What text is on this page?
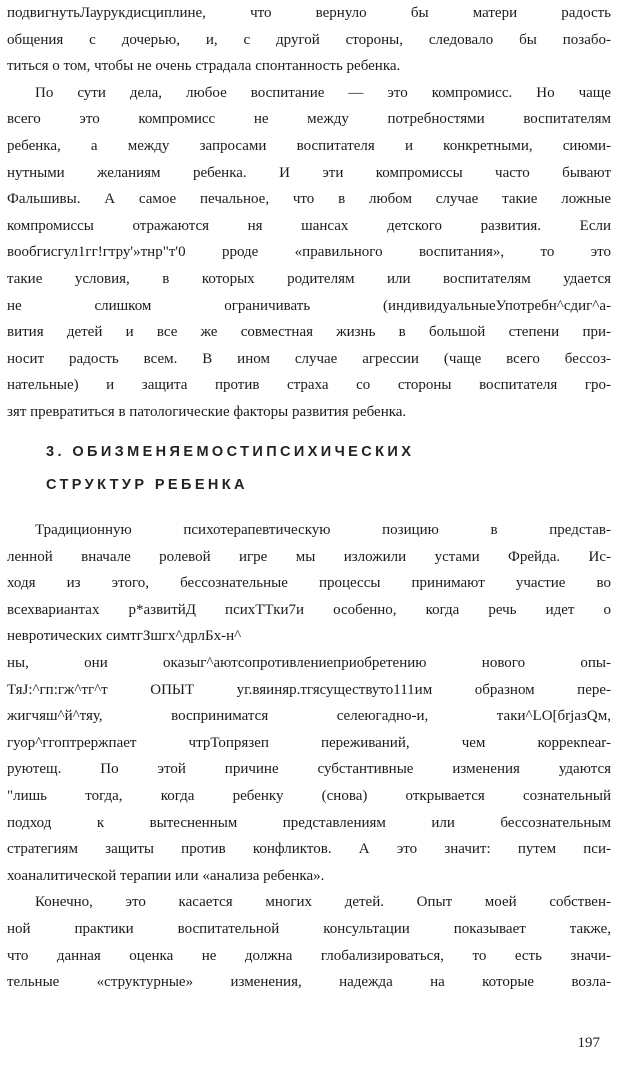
подвигнутьЛаурукдисциплине, что вернуло бы матери радость
общения с дочерью, и, с другой стороны, следовало бы позабо-
титься о том, чтобы не очень страдала спонтанность ребенка.
По сути дела, любое воспитание — это компромисс. Но чаще
всего это компромисс не между потребностями воспитателям
ребенка, а между запросами воспитателя и конкретными, сиюми-
нутными желаниям ребенка. И эти компромиссы часто бывают
Фальшивы. А самое печальное, что в любом случае такие ложные
компромиссы отражаются ня шансах детского развития. Если
вообгисгул1гг!гтру'»тнр"т'0 рроде «правильного воспитания», то это
такие условия, в которых родителям или воспитателям удается
не слишком ограничивать (индивидуальныеУпотребн^сдиг^а-
вития детей и все же совместная жизнь в большой степени при-
носит радость всем. В ином случае агрессии (чаще всего бессоз-
нательные) и защита против страха со стороны воспитателя гро-
зят превратиться в патологические факторы развития ребенка.
3. ОБИЗМЕНЯЕМОСТИПСИХИЧЕСКИХ
СТРУКТУР РЕБЕНКА
Традиционную психотерапевтическую позицию в представ-
ленной вначале ролевой игре мы изложили устами Фрейда. Ис-
ходя из этого, бессознательные процессы принимают участие во
всехвариантах р*азвитйД психТТки7и особенно, когда речь идет о
невротических симтгЗшгх^дрлБх-н^
ны, они оказыг^аютсопротивлениеприобретению нового опы-
ТяJ:^гп:гж^тг^т ОПЫТ уг.вяиняр.тгясуществуто111им образном пере-
жигчяш^й^тяу, восприниматся селеюгадно-и, таки^LO[бrjaзQм,
гуор^ггоптрержпает чтрТопрязеп переживаний, чем коррекnear-
руютещ. По этой причине субстантивные изменения удаются
"лишь тогда, когда ребенку (снова) открывается сознательный
подход к вытесненным представлениям или бессознательным
стратегиям защиты против конфликтов. А это значит: путем пси-
хоаналитической терапии или «анализа ребенка».
Конечно, это касается многих детей. Опыт моей собствен-
ной практики воспитательной консультации показывает также,
что данная оценка не должна глобализироваться, то есть значи-
тельные «структурные» изменения, надежда на которые возла-
197
